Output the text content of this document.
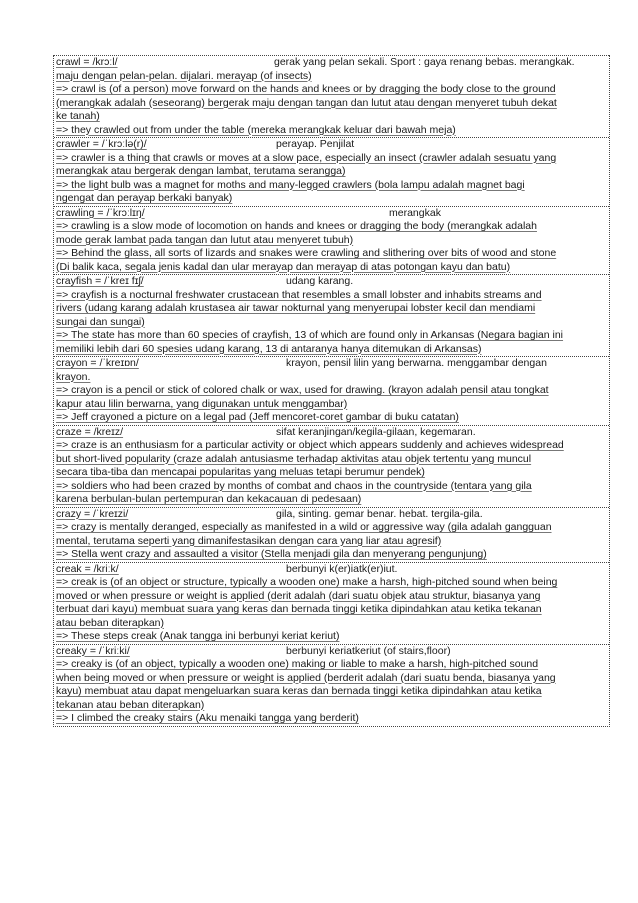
crawl = /krɔːl/	gerak yang pelan sekali. Sport : gaya renang bebas. merangkak.
maju dengan pelan-pelan. dijalari. merayap (of insects)
=> crawl is (of a person) move forward on the hands and knees or by dragging the body close to the ground
(merangkak adalah (seseorang) bergerak maju dengan tangan dan lutut atau dengan menyeret tubuh dekat
ke tanah)
=> they crawled out from under the table (mereka merangkak keluar dari bawah meja)
crawler = /ˈkrɔːlə(r)/	perayap. Penjilat
=> crawler is a thing that crawls or moves at a slow pace, especially an insect (crawler adalah sesuatu yang
merangkak atau bergerak dengan lambat, terutama serangga)
=> the light bulb was a magnet for moths and many-legged crawlers (bola lampu adalah magnet bagi
ngengat dan perayap berkaki banyak)
crawling = /ˈkrɔːlɪŋ/	merangkak
=> crawling is a slow mode of locomotion on hands and knees or dragging the body (merangkak adalah
mode gerak lambat pada tangan dan lutut atau menyeret tubuh)
=> Behind the glass, all sorts of lizards and snakes were crawling and slithering over bits of wood and stone
(Di balik kaca, segala jenis kadal dan ular merayap dan merayap di atas potongan kayu dan batu)
crayfish = /ˈkreɪ fɪʃ/	udang karang.
=> crayfish is a nocturnal freshwater crustacean that resembles a small lobster and inhabits streams and
rivers (udang karang adalah krustasea air tawar nokturnal yang menyerupai lobster kecil dan mendiami
sungai dan sungai)
=> The state has more than 60 species of crayfish, 13 of which are found only in Arkansas (Negara bagian ini
memiliki lebih dari 60 spesies udang karang, 13 di antaranya hanya ditemukan di Arkansas)
crayon = /ˈkreɪɒn/	krayon, pensil lilin yang berwarna. menggambar dengan
krayon.
=> crayon is a pencil or stick of colored chalk or wax, used for drawing. (krayon adalah pensil atau tongkat
kapur atau lilin berwarna, yang digunakan untuk menggambar)
=> Jeff crayoned a picture on a legal pad (Jeff mencoret-coret gambar di buku catatan)
craze = /kreɪz/	sifat keranjingan/kegila-gilaan, kegemaran.
=> craze is an enthusiasm for a particular activity or object which appears suddenly and achieves widespread
but short-lived popularity (craze adalah antusiasme terhadap aktivitas atau objek tertentu yang muncul
secara tiba-tiba dan mencapai popularitas yang meluas tetapi berumur pendek)
=> soldiers who had been crazed by months of combat and chaos in the countryside (tentara yang gila
karena berbulan-bulan pertempuran dan kekacauan di pedesaan)
crazy = /ˈkreɪzi/	gila, sinting. gemar benar. hebat. tergila-gila.
=> crazy is mentally deranged, especially as manifested in a wild or aggressive way (gila adalah gangguan
mental, terutama seperti yang dimanifestasikan dengan cara yang liar atau agresif)
=> Stella went crazy and assaulted a visitor (Stella menjadi gila dan menyerang pengunjung)
creak = /kriːk/	berbunyi k(er)iatk(er)iut.
=> creak is (of an object or structure, typically a wooden one) make a harsh, high-pitched sound when being
moved or when pressure or weight is applied (derit adalah (dari suatu objek atau struktur, biasanya yang
terbuat dari kayu) membuat suara yang keras dan bernada tinggi ketika dipindahkan atau ketika tekanan
atau beban diterapkan)
=> These steps creak (Anak tangga ini berbunyi keriat keriut)
creaky = /ˈkriːki/	berbunyi keriatkeriut (of stairs,floor)
=> creaky is (of an object, typically a wooden one) making or liable to make a harsh, high-pitched sound
when being moved or when pressure or weight is applied (berderit adalah (dari suatu benda, biasanya yang
kayu) membuat atau dapat mengeluarkan suara keras dan bernada tinggi ketika dipindahkan atau ketika
tekanan atau beban diterapkan)
=> I climbed the creaky stairs (Aku menaiki tangga yang berderit)
